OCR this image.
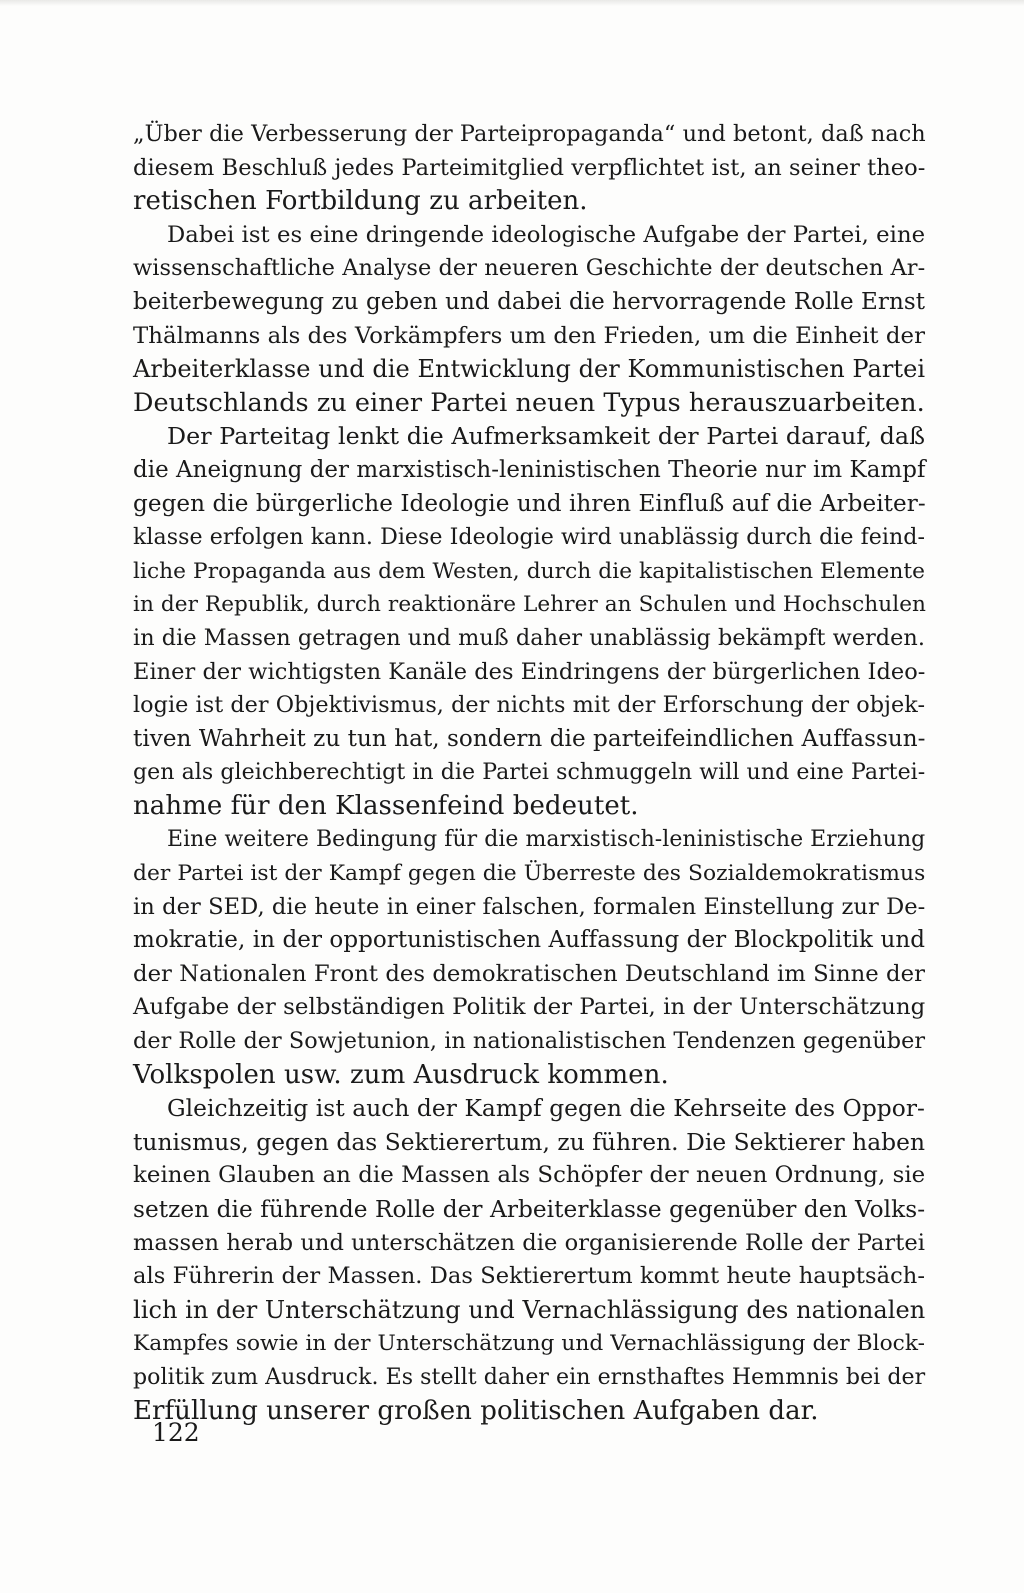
„Über die Verbesserung der Parteipropaganda“ und betont, daß nach
diesem Beschluß jedes Parteimitglied verpflichtet ist, an seiner theo-
retischen Fortbildung zu arbeiten.

Dabei ist es eine dringende ideologische Aufgabe der Partei, eine
wissenschaftliche Analyse der neueren Geschichte der deutschen Ar-
beiterbewegung zu geben und dabei die hervorragende Rolle Ernst
Thälmanns als des Vorkämpfers um den Frieden, um die Einheit der
Arbeiterklasse und die Entwicklung der Kommunistischen Partei
Deutschlands zu einer Partei neuen Typus herauszuarbeiten.

Der Parteitag lenkt die Aufmerksamkeit der Partei darauf, daß
die Aneignung der marxistisch-leninistischen Theorie nur im Kampf
gegen die bürgerliche Ideologie und ihren Einfluß auf die Arbeiter-
klasse erfolgen kann. Diese Ideologie wird unablässig durch die feind-
liche Propaganda aus dem Westen, durch die kapitalistischen Elemente
in der Republik, durch reaktionäre Lehrer an Schulen und Hochschulen
in die Massen getragen und muß daher unablässig bekämpft werden.
Einer der wichtigsten Kanäle des Eindringens der bürgerlichen Ideo-
logie ist der Objektivismus, der nichts mit der Erforschung der objek-
tiven Wahrheit zu tun hat, sondern die parteifeindlichen Auffassun-
gen als gleichberechtigt in die Partei schmuggeln will und eine Partei-
nahme für den Klassenfeind bedeutet.

Eine weitere Bedingung für die marxistisch-leninistische Erziehung
der Partei ist der Kampf gegen die Überreste des Sozialdemokratismus
in der SED, die heute in einer falschen, formalen Einstellung zur De-
mokratie, in der opportunistischen Auffassung der Blockpolitik und
der Nationalen Front des demokratischen Deutschland im Sinne der
Aufgabe der selbständigen Politik der Partei, in der Unterschätzung
der Rolle der Sowjetunion, in nationalistischen Tendenzen gegenüber
Volkspolen usw. zum Ausdruck kommen.

Gleichzeitig ist auch der Kampf gegen die Kehrseite des Oppor-
tunismus, gegen das Sektierertum, zu führen. Die Sektierer haben
keinen Glauben an die Massen als Schöpfer der neuen Ordnung, sie
setzen die führende Rolle der Arbeiterklasse gegenüber den Volks-
massen herab und unterschätzen die organisierende Rolle der Partei
als Führerin der Massen. Das Sektierertum kommt heute hauptsäch-
lich in der Unterschätzung und Vernachlässigung des nationalen
Kampfes sowie in der Unterschätzung und Vernachlässigung der Block-
politik zum Ausdruck. Es stellt daher ein ernsthaftes Hemmnis bei der
Erfüllung unserer großen politischen Aufgaben dar.

122
